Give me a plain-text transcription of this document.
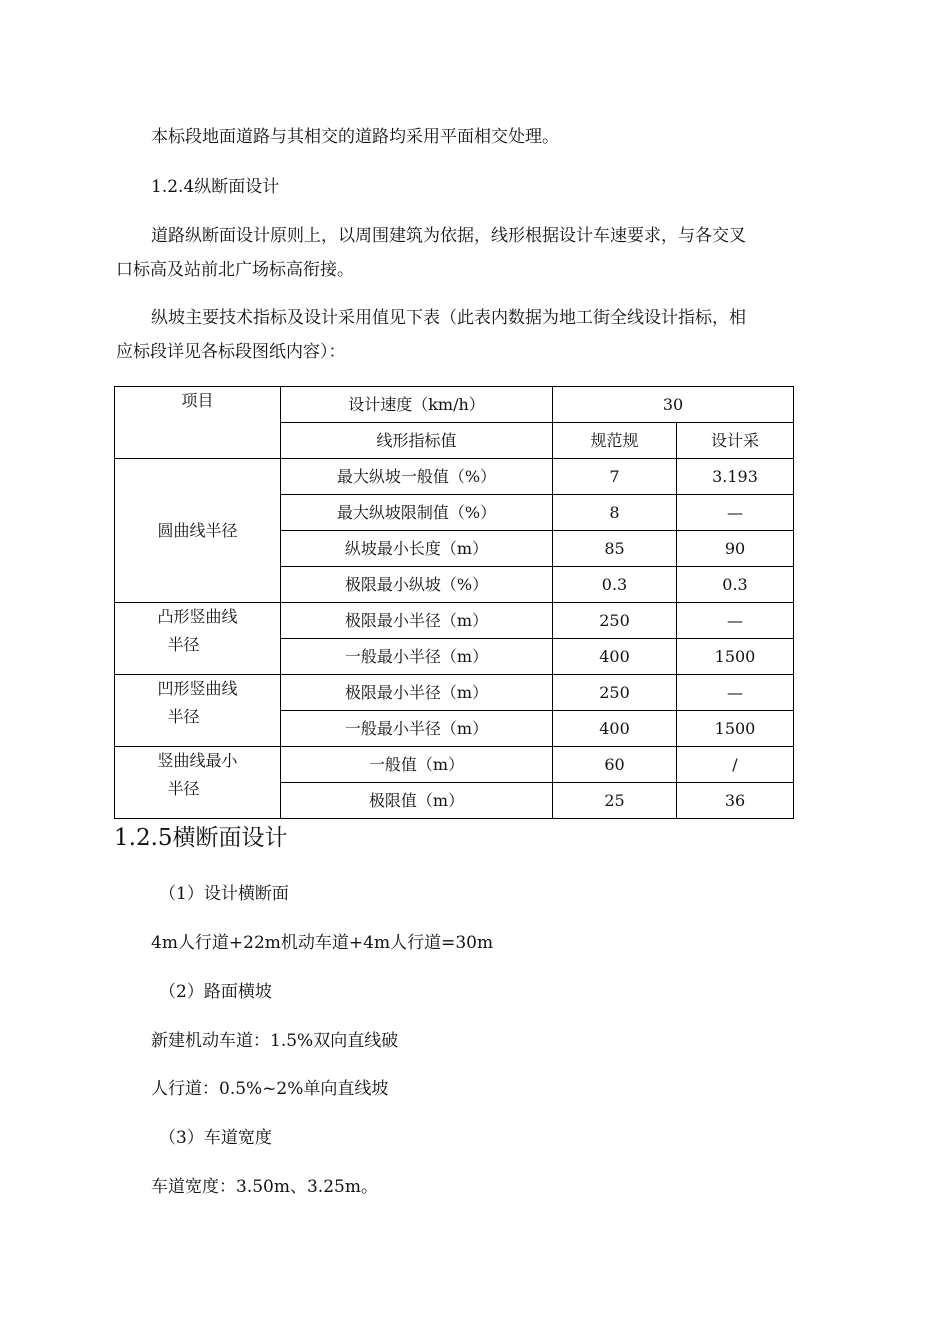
本标段地面道路与其相交的道路均采用平面相交处理。

1.2.4纵断面设计

道路纵断面设计原则上，以周围建筑为依据，线形根据设计车速要求，与各交叉

口标高及站前北广场标高衔接。

纵坡主要技术指标及设计采用值见下表（此表内数据为地工街全线设计指标，相

应标段详见各标段图纸内容）：

项目	设计速度（km/h）	30	
	线形指标值	规范规	设计采
圆曲线半径	最大纵坡一般值（%）	7	3.193
	最大纵坡限制值（%）	8	—
	纵坡最小长度（m）	85	90
	极限最小纵坡（%）	0.3	0.3
凸形竖曲线
半径	极限最小半径（m）	250	—
	一般最小半径（m）	400	1500
凹形竖曲线
半径	极限最小半径（m）	250	—
	一般最小半径（m）	400	1500
竖曲线最小
半径	一般值（m）	60	/
	极限值（m）	25	36
1.2.5横断面设计

（1）设计横断面

4m人行道+22m机动车道+4m人行道=30m

（2）路面横坡

新建机动车道：1.5%双向直线破

人行道：0.5%~2%单向直线坡

（3）车道宽度

车道宽度：3.50m、3.25m。
